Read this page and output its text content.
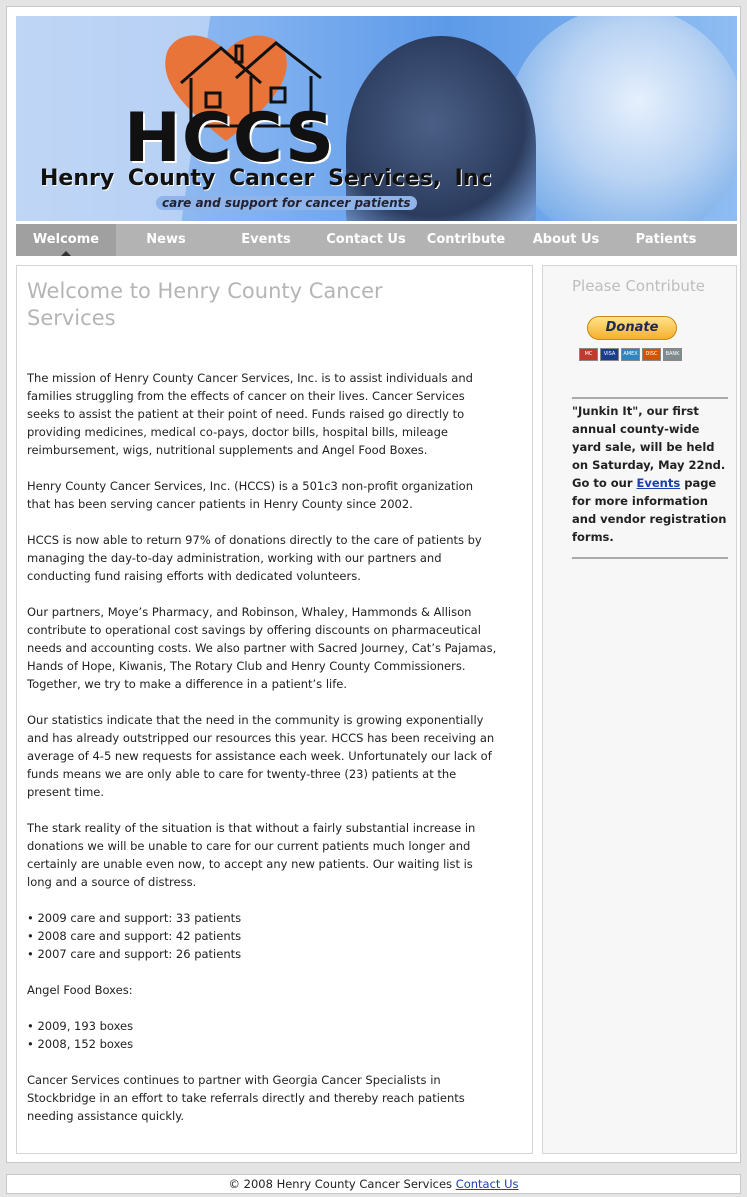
HCCS
Henry County Cancer Services, Inc
care and support for cancer patients
Welcome	News	Events	Contact Us	Contribute	About Us	Patients
Welcome to Henry County Cancer Services

The mission of Henry County Cancer Services, Inc. is to assist individuals and families struggling from the effects of cancer on their lives. Cancer Services seeks to assist the patient at their point of need. Funds raised go directly to providing medicines, medical co-pays, doctor bills, hospital bills, mileage reimbursement, wigs, nutritional supplements and Angel Food Boxes.

Henry County Cancer Services, Inc. (HCCS) is a 501c3 non-profit organization that has been serving cancer patients in Henry County since 2002.

HCCS is now able to return 97% of donations directly to the care of patients by managing the day-to-day administration, working with our partners and conducting fund raising efforts with dedicated volunteers.

Our partners, Moye’s Pharmacy, and Robinson, Whaley, Hammonds & Allison contribute to operational cost savings by offering discounts on pharmaceutical needs and accounting costs. We also partner with Sacred Journey, Cat’s Pajamas, Hands of Hope, Kiwanis, The Rotary Club and Henry County Commissioners. Together, we try to make a difference in a patient’s life.

Our statistics indicate that the need in the community is growing exponentially and has already outstripped our resources this year. HCCS has been receiving an average of 4-5 new requests for assistance each week. Unfortunately our lack of funds means we are only able to care for twenty-three (23) patients at the present time.

The stark reality of the situation is that without a fairly substantial increase in donations we will be unable to care for our current patients much longer and certainly are unable even now, to accept any new patients. Our waiting list is long and a source of distress.

• 2009 care and support: 33 patients
• 2008 care and support: 42 patients
• 2007 care and support: 26 patients

Angel Food Boxes:

• 2009, 193 boxes
• 2008, 152 boxes

Cancer Services continues to partner with Georgia Cancer Specialists in Stockbridge in an effort to take referrals directly and thereby reach patients needing assistance quickly.

Please Contribute
Donate
MC	VISA	AMEX	DISC	BANK
"Junkin It", our first annual county-wide yard sale, will be held on Saturday, May 22nd. Go to our Events page for more information and vendor registration forms.
© 2008 Henry County Cancer Services Contact Us
